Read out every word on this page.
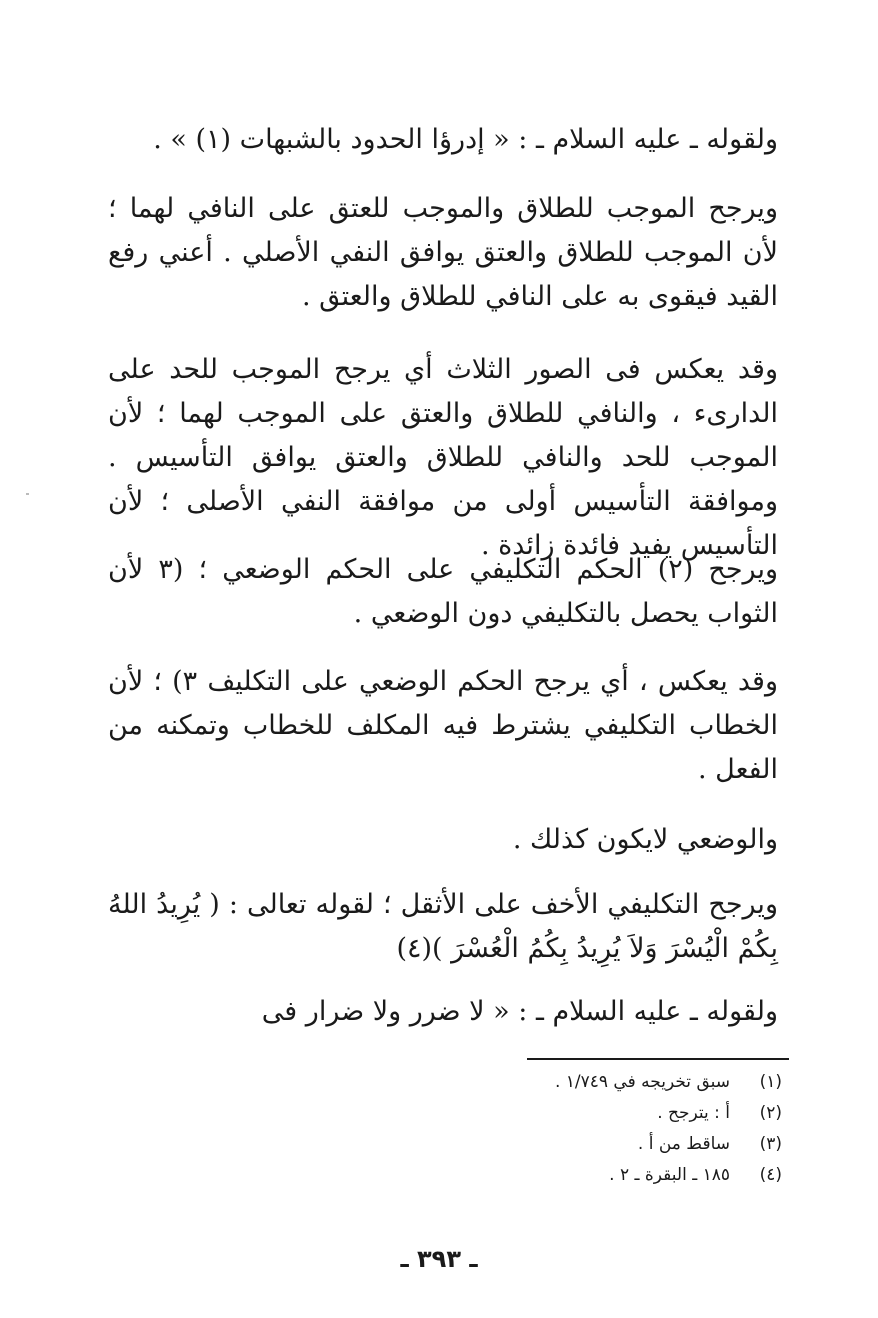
ولقوله ـ عليه السلام ـ : « إدرؤا الحدود بالشبهات (١) » .

ويرجح الموجب للطلاق والموجب للعتق على النافي لهما ؛ لأن الموجب للطلاق والعتق يوافق النفي الأصلي . أعني رفع القيد فيقوى به على النافي للطلاق والعتق .

وقد يعكس فى الصور الثلاث أي يرجح الموجب للحد على الدارىء ، والنافي للطلاق والعتق على الموجب لهما ؛ لأن الموجب للحد والنافي للطلاق والعتق يوافق التأسيس . وموافقة التأسيس أولى من موافقة النفي الأصلى ؛ لأن التأسيس يفيد فائدة زائدة .

ويرجح (٢) الحكم التكليفي على الحكم الوضعي ؛ (٣ لأن الثواب يحصل بالتكليفي دون الوضعي .

وقد يعكس ، أي يرجح الحكم الوضعي على التكليف ٣) ؛ لأن الخطاب التكليفي يشترط فيه المكلف للخطاب وتمكنه من الفعل .

والوضعي لايكون كذلك .

ويرجح التكليفي الأخف على الأثقل ؛ لقوله تعالى : ( يُرِيدُ اللهُ بِكُمْ الْيُسْرَ وَلاَ يُرِيدُ بِكُمُ الْعُسْرَ )(٤)

ولقوله ـ عليه السلام ـ : « لا ضرر ولا ضرار فى

(١)
سبق تخريجه في ١/٧٤٩ .
(٢)
أ : يترجح .
(٣)
ساقط من أ .
(٤)
١٨٥ ـ البقرة ـ ٢ .
ـ ٣٩٣ ـ
